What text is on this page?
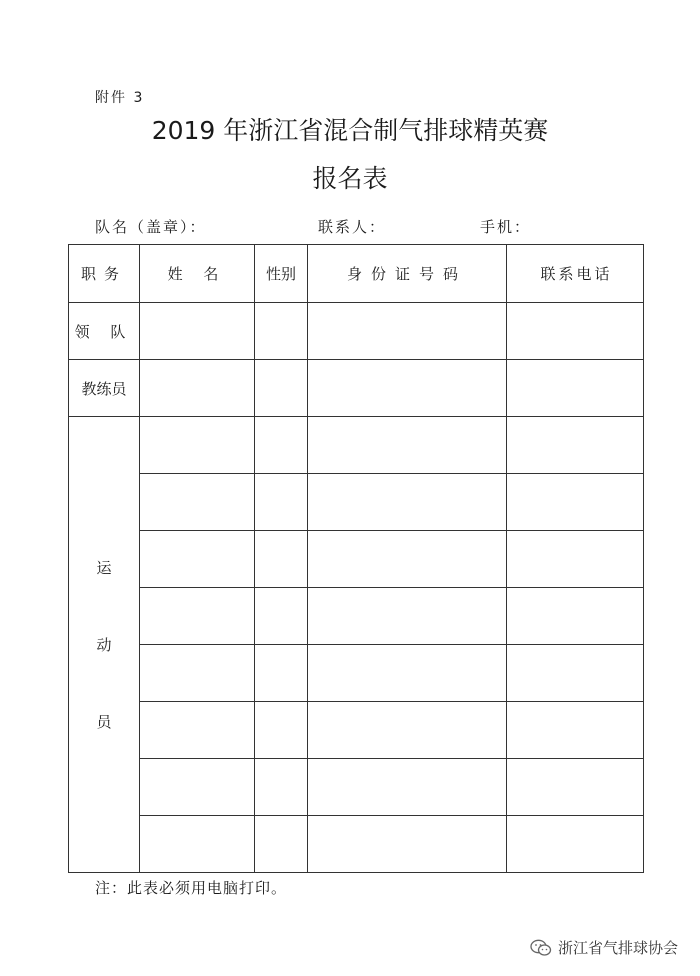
附件 3
2019 年浙江省混合制气排球精英赛
报名表
队名（盖章）：	联系人：	手机：
职务	姓 名	性别	身份证号码	联系电话
领 队				
教练员				

运
动
员				

注：此表必须用电脑打印。
浙江省气排球协会
